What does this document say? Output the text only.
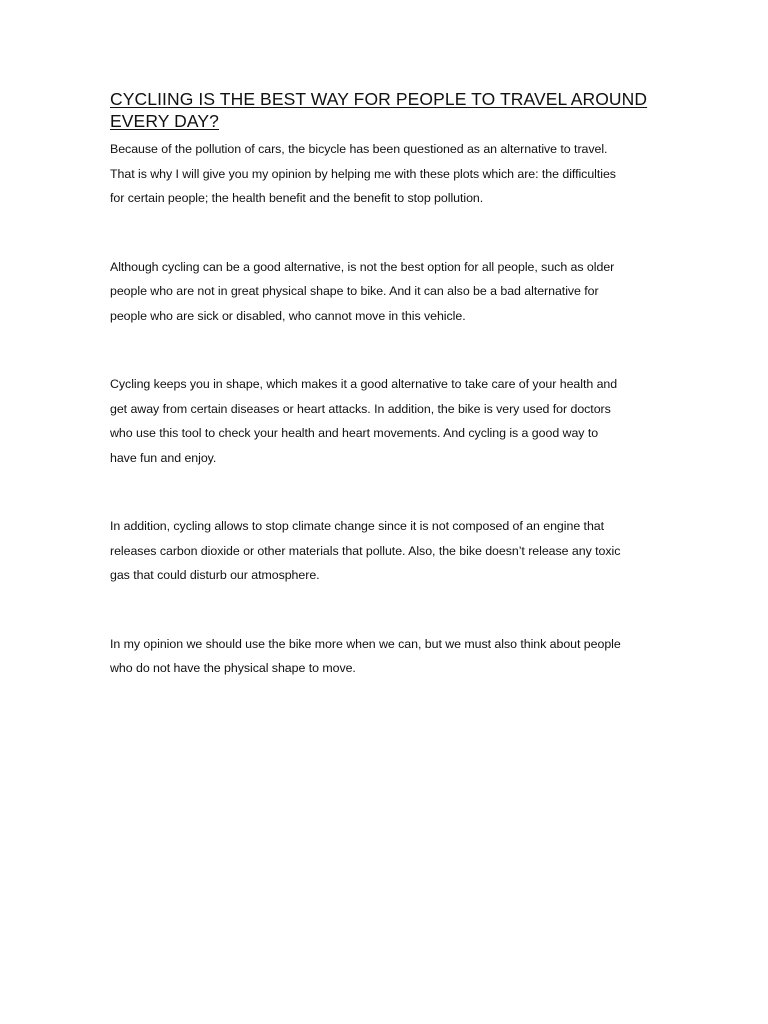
CYCLIING IS THE BEST WAY FOR PEOPLE TO TRAVEL AROUND
EVERY DAY?

Because of the pollution of cars, the bicycle has been questioned as an alternative to travel.
That is why I will give you my opinion by helping me with these plots which are: the difficulties
for certain people; the health benefit and the benefit to stop pollution.

Although cycling can be a good alternative, is not the best option for all people, such as older
people who are not in great physical shape to bike. And it can also be a bad alternative for
people who are sick or disabled, who cannot move in this vehicle.

Cycling keeps you in shape, which makes it a good alternative to take care of your health and
get away from certain diseases or heart attacks. In addition, the bike is very used for doctors
who use this tool to check your health and heart movements. And cycling is a good way to
have fun and enjoy.

In addition, cycling allows to stop climate change since it is not composed of an engine that
releases carbon dioxide or other materials that pollute. Also, the bike doesn’t release any toxic
gas that could disturb our atmosphere.

In my opinion we should use the bike more when we can, but we must also think about people
who do not have the physical shape to move.
